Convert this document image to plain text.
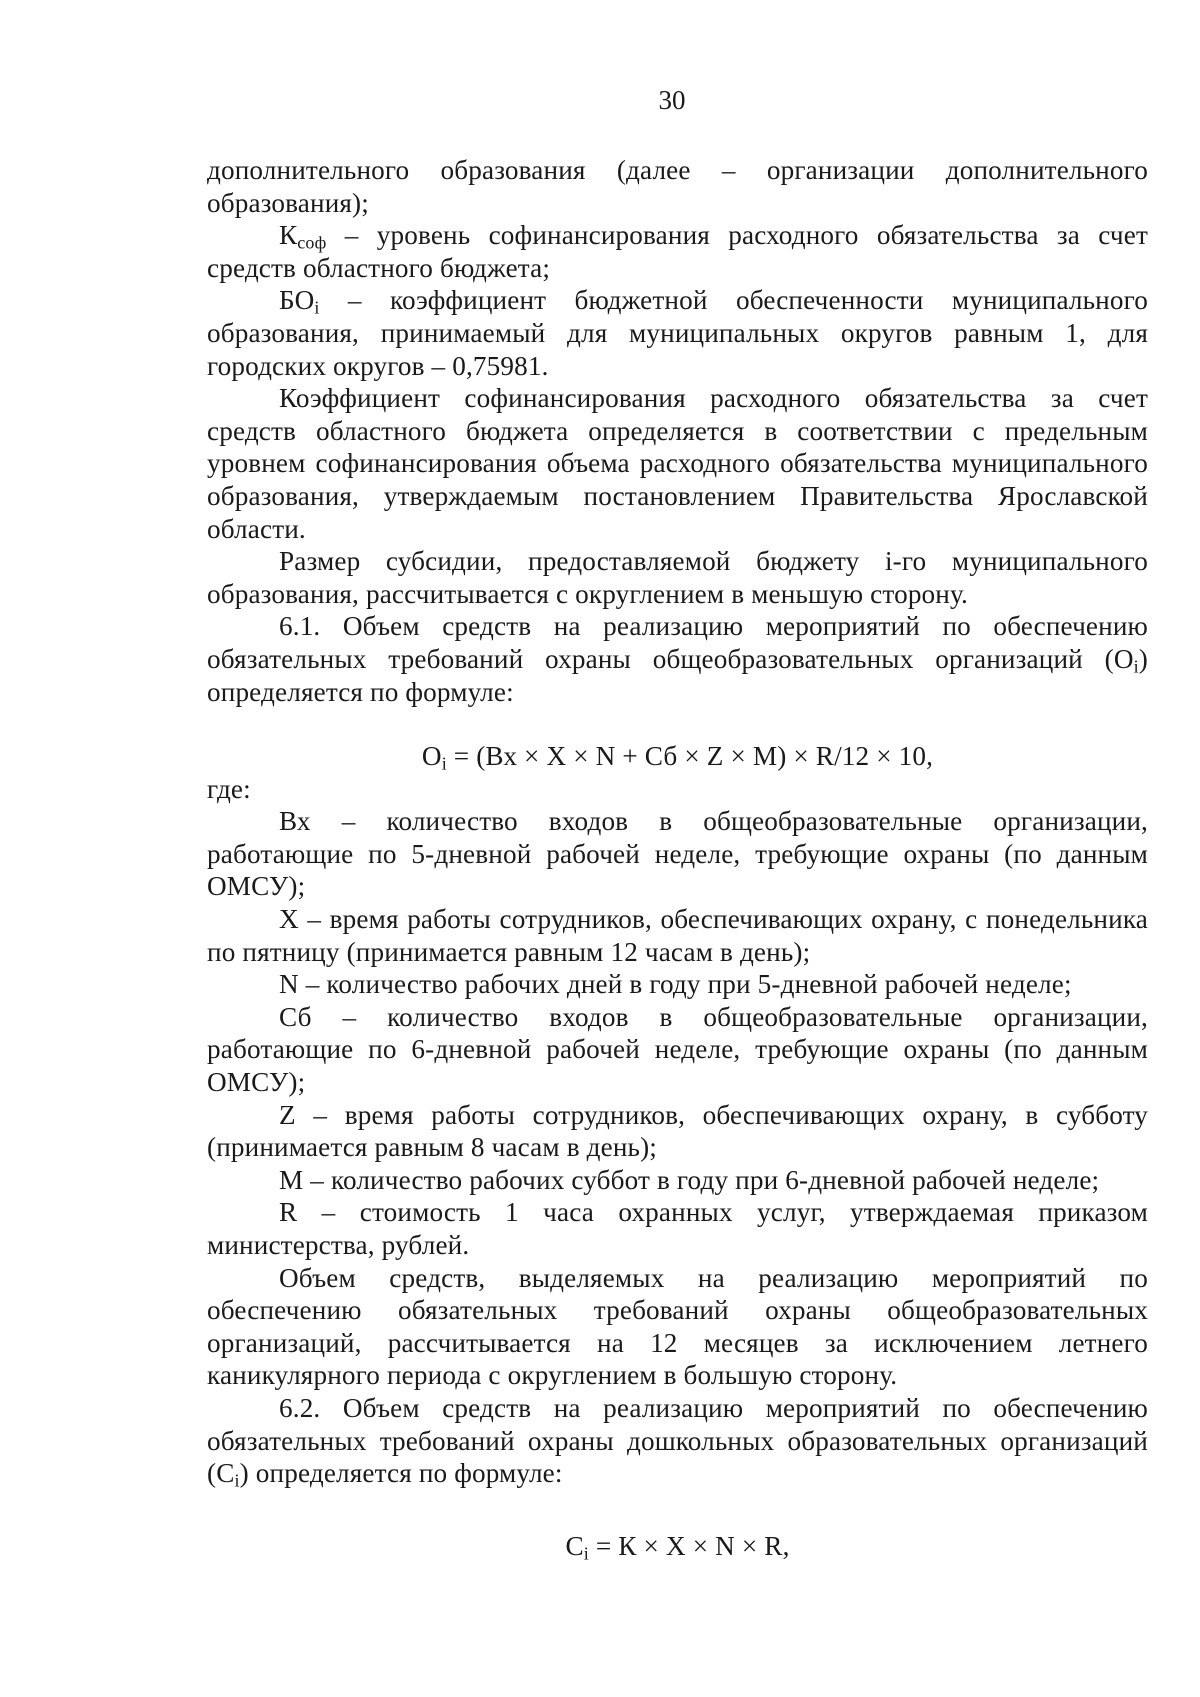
30

дополнительного образования (далее – организации дополнительного образования);

$К_{соф}$ – уровень софинансирования расходного обязательства за счет средств областного бюджета;

$БО_i$ – коэффициент бюджетной обеспеченности муниципального образования, принимаемый для муниципальных округов равным 1, для городских округов – 0,75981.

Коэффициент софинансирования расходного обязательства за счет средств областного бюджета определяется в соответствии с предельным уровнем софинансирования объема расходного обязательства муниципального образования, утверждаемым постановлением Правительства Ярославской области.

Размер субсидии, предоставляемой бюджету i-го муниципального образования, рассчитывается с округлением в меньшую сторону.

6.1. Объем средств на реализацию мероприятий по обеспечению обязательных требований охраны общеобразовательных организаций $(О_i)$ определяется по формуле:

$О_i = (Вх \times X \times N$ + Сб × Z × М) × R/12 × 10,

где:

Вх – количество входов в общеобразовательные организации, работающие по 5-дневной рабочей неделе, требующие охраны (по данным ОМСУ);

X – время работы сотрудников, обеспечивающих охрану, с понедельника по пятницу (принимается равным 12 часам в день);

N – количество рабочих дней в году при 5-дневной рабочей неделе;

Сб – количество входов в общеобразовательные организации, работающие по 6-дневной рабочей неделе, требующие охраны (по данным ОМСУ);

Z – время работы сотрудников, обеспечивающих охрану, в субботу (принимается равным 8 часам в день);

М – количество рабочих суббот в году при 6-дневной рабочей неделе;

R – стоимость 1 часа охранных услуг, утверждаемая приказом министерства, рублей.

Объем средств, выделяемых на реализацию мероприятий по обеспечению обязательных требований охраны общеобразовательных организаций, рассчитывается на 12 месяцев за исключением летнего каникулярного периода с округлением в большую сторону.

6.2. Объем средств на реализацию мероприятий по обеспечению обязательных требований охраны дошкольных образовательных организаций $(С_i)$ определяется по формуле:

$С_i = К \times X \times N \times R$,
